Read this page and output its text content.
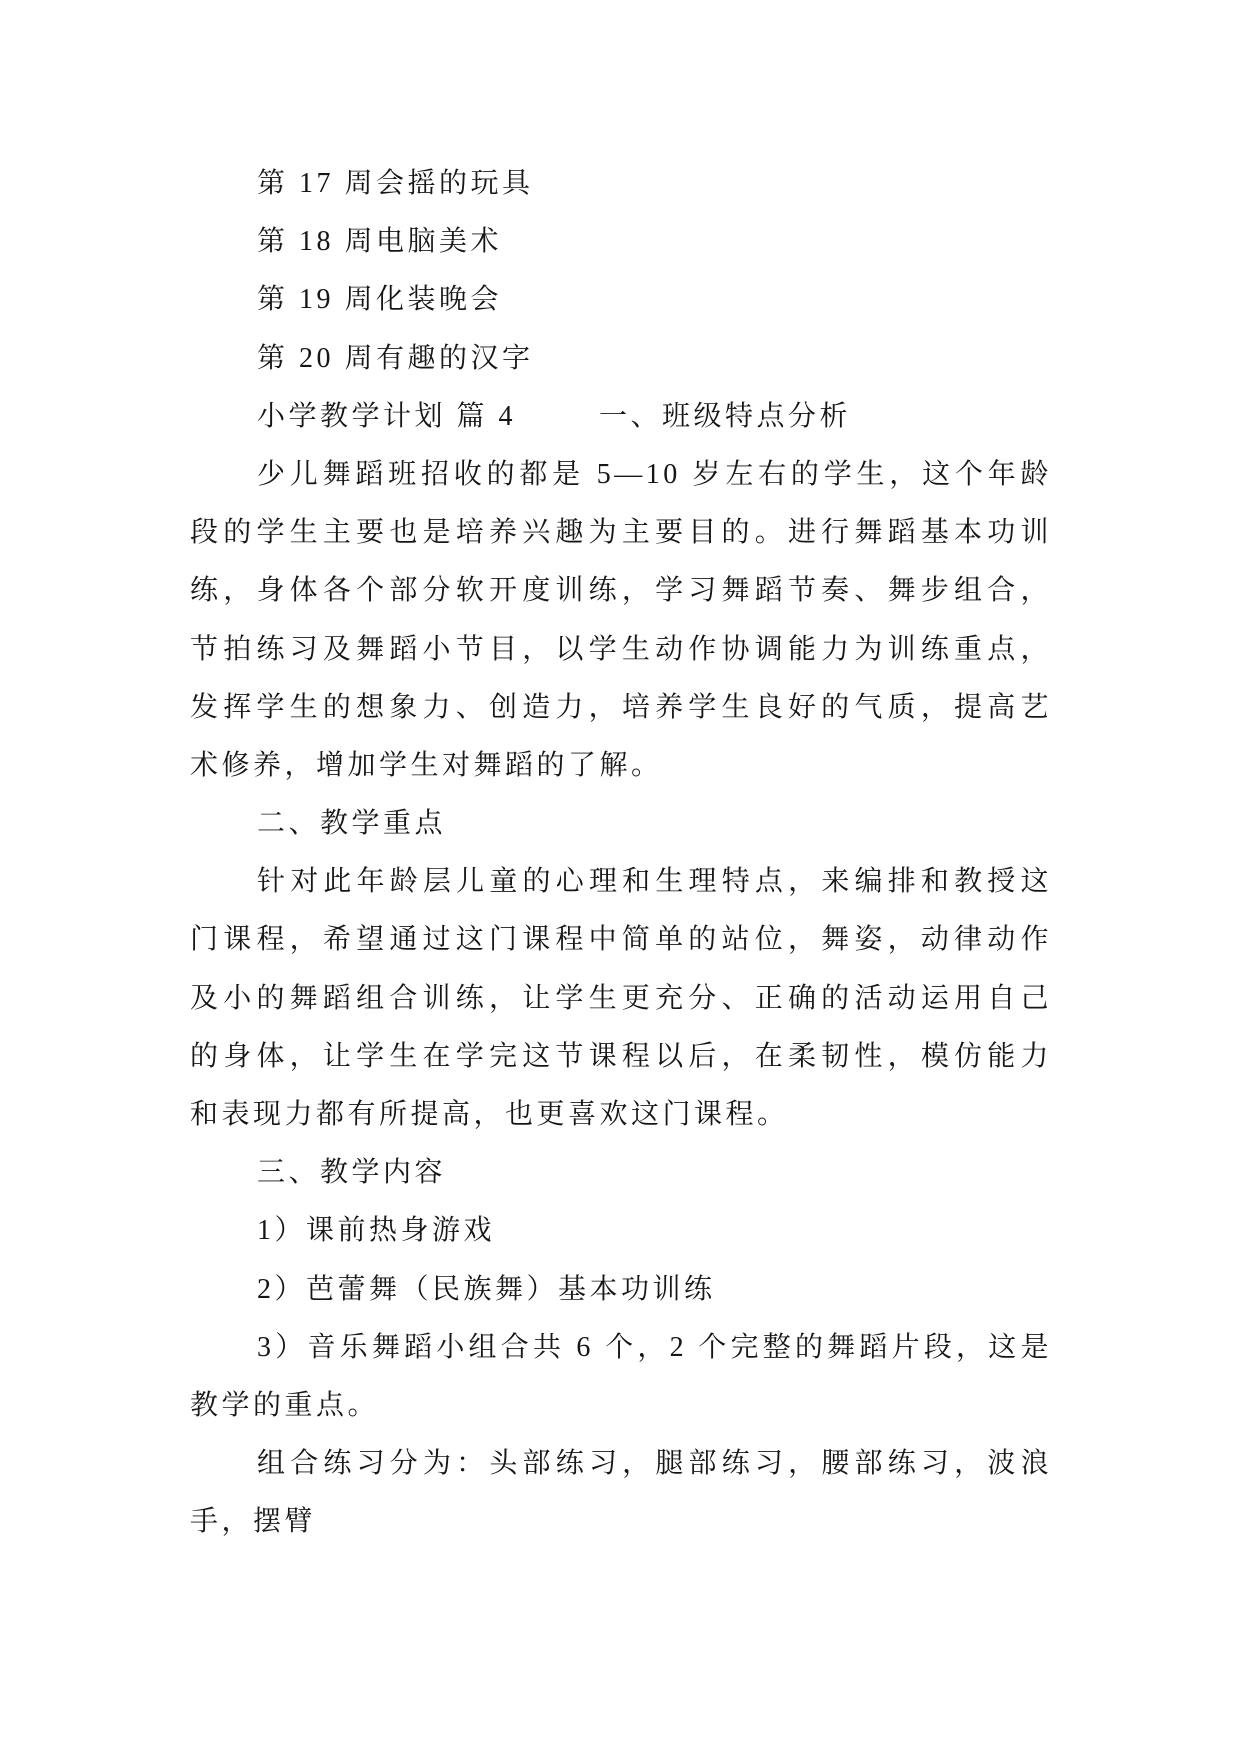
第 17 周会摇的玩具
第 18 周电脑美术
第 19 周化装晚会
第 20 周有趣的汉字
小学教学计划 篇 4	一、班级特点分析
少儿舞蹈班招收的都是 5—10 岁左右的学生，这个年龄
段的学生主要也是培养兴趣为主要目的。进行舞蹈基本功训
练，身体各个部分软开度训练，学习舞蹈节奏、舞步组合，
节拍练习及舞蹈小节目，以学生动作协调能力为训练重点，
发挥学生的想象力、创造力，培养学生良好的气质，提高艺
术修养，增加学生对舞蹈的了解。
二、教学重点
针对此年龄层儿童的心理和生理特点，来编排和教授这
门课程，希望通过这门课程中简单的站位，舞姿，动律动作
及小的舞蹈组合训练，让学生更充分、正确的活动运用自己
的身体，让学生在学完这节课程以后，在柔韧性，模仿能力
和表现力都有所提高，也更喜欢这门课程。
三、教学内容
1）课前热身游戏
2）芭蕾舞（民族舞）基本功训练
3）音乐舞蹈小组合共 6 个，2 个完整的舞蹈片段，这是
教学的重点。
组合练习分为：头部练习，腿部练习，腰部练习，波浪
手，摆臂
